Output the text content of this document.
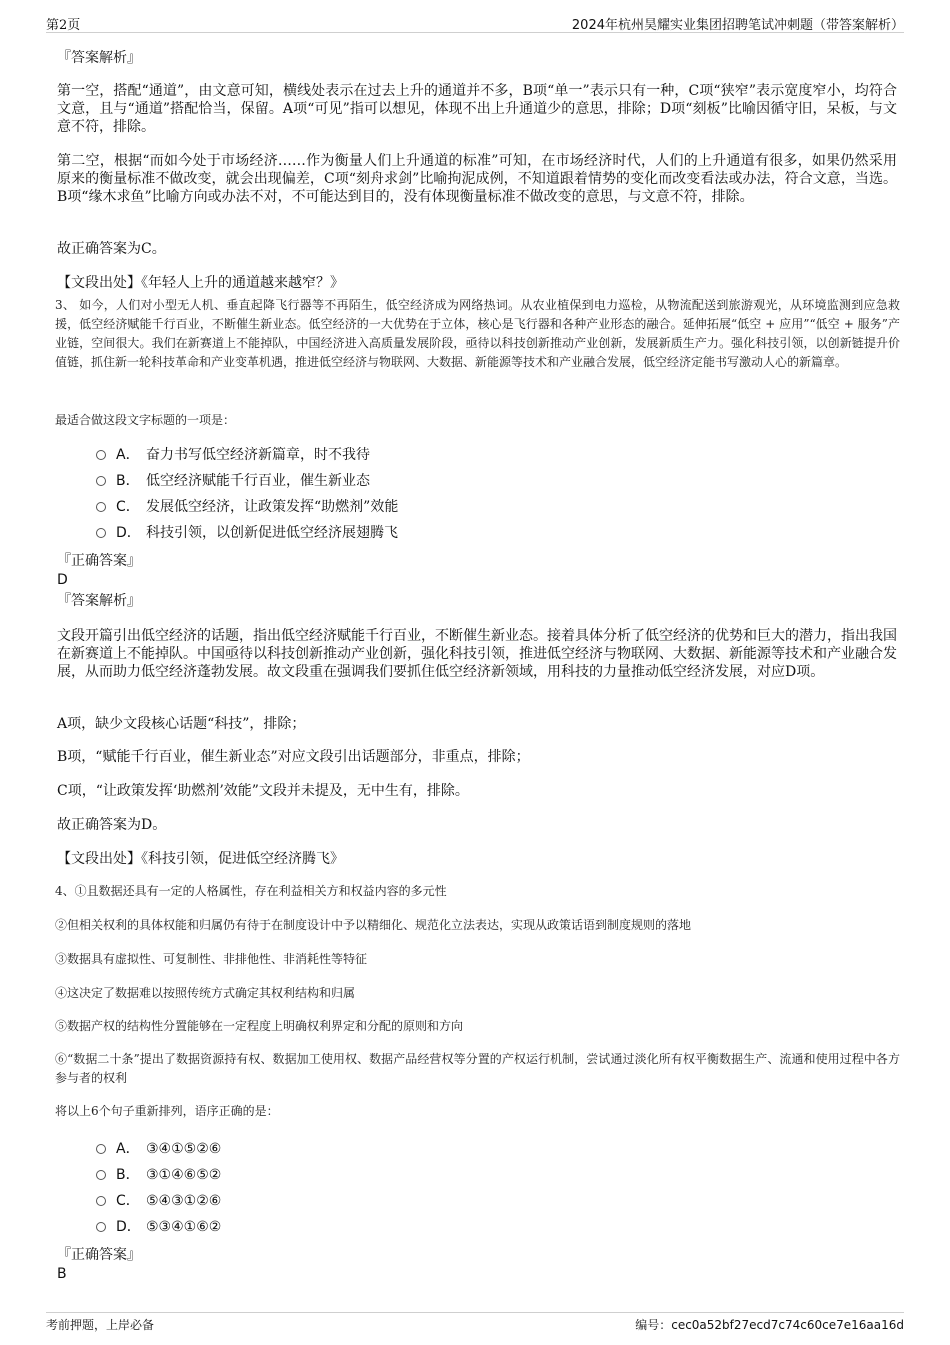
第2页	2024年杭州昊耀实业集团招聘笔试冲刺题（带答案解析）
『答案解析』
第一空，搭配“通道”，由文意可知，横线处表示在过去上升的通道并不多，B项“单一”表示只有一种，C项“狭窄”表示宽度窄小，均符合文意，且与“通道”搭配恰当，保留。A项“可见”指可以想见，体现不出上升通道少的意思，排除；D项“刻板”比喻因循守旧，呆板，与文意不符，排除。
第二空，根据“而如今处于市场经济……作为衡量人们上升通道的标准”可知，在市场经济时代，人们的上升通道有很多，如果仍然采用原来的衡量标准不做改变，就会出现偏差，C项“刻舟求剑”比喻拘泥成例，不知道跟着情势的变化而改变看法或办法，符合文意，当选。B项“缘木求鱼”比喻方向或办法不对，不可能达到目的，没有体现衡量标准不做改变的意思，与文意不符，排除。
故正确答案为C。
【文段出处】《年轻人上升的通道越来越窄？》
3、 如今，人们对小型无人机、垂直起降飞行器等不再陌生，低空经济成为网络热词。从农业植保到电力巡检，从物流配送到旅游观光，从环境监测到应急救援，低空经济赋能千行百业，不断催生新业态。低空经济的一大优势在于立体，核心是飞行器和各种产业形态的融合。延伸拓展“低空 + 应用”“低空 + 服务”产业链，空间很大。我们在新赛道上不能掉队，中国经济进入高质量发展阶段，亟待以科技创新推动产业创新，发展新质生产力。强化科技引领，以创新链提升价值链，抓住新一轮科技革命和产业变革机遇，推进低空经济与物联网、大数据、新能源等技术和产业融合发展，低空经济定能书写激动人心的新篇章。
最适合做这段文字标题的一项是：
A． 奋力书写低空经济新篇章，时不我待
B． 低空经济赋能千行百业，催生新业态
C． 发展低空经济，让政策发挥“助燃剂”效能
D． 科技引领，以创新促进低空经济展翅腾飞
『正确答案』
D
『答案解析』
文段开篇引出低空经济的话题，指出低空经济赋能千行百业，不断催生新业态。接着具体分析了低空经济的优势和巨大的潜力，指出我国在新赛道上不能掉队。中国亟待以科技创新推动产业创新，强化科技引领，推进低空经济与物联网、大数据、新能源等技术和产业融合发展，从而助力低空经济蓬勃发展。故文段重在强调我们要抓住低空经济新领域，用科技的力量推动低空经济发展，对应D项。
A项，缺少文段核心话题“科技”，排除；
B项，“赋能千行百业，催生新业态”对应文段引出话题部分，非重点，排除；
C项，“让政策发挥‘助燃剂’效能”文段并未提及，无中生有，排除。
故正确答案为D。
【文段出处】《科技引领，促进低空经济腾飞》
4、①且数据还具有一定的人格属性，存在利益相关方和权益内容的多元性
②但相关权利的具体权能和归属仍有待于在制度设计中予以精细化、规范化立法表达，实现从政策话语到制度规则的落地
③数据具有虚拟性、可复制性、非排他性、非消耗性等特征
④这决定了数据难以按照传统方式确定其权利结构和归属
⑤数据产权的结构性分置能够在一定程度上明确权利界定和分配的原则和方向
⑥“数据二十条”提出了数据资源持有权、数据加工使用权、数据产品经营权等分置的产权运行机制，尝试通过淡化所有权平衡数据生产、流通和使用过程中各方参与者的权利
将以上6个句子重新排列，语序正确的是：
A． ③④①⑤②⑥
B． ③①④⑥⑤②
C． ⑤④③①②⑥
D． ⑤③④①⑥②
『正确答案』
B
考前押题，上岸必备	编号：cec0a52bf27ecd7c74c60ce7e16aa16d
